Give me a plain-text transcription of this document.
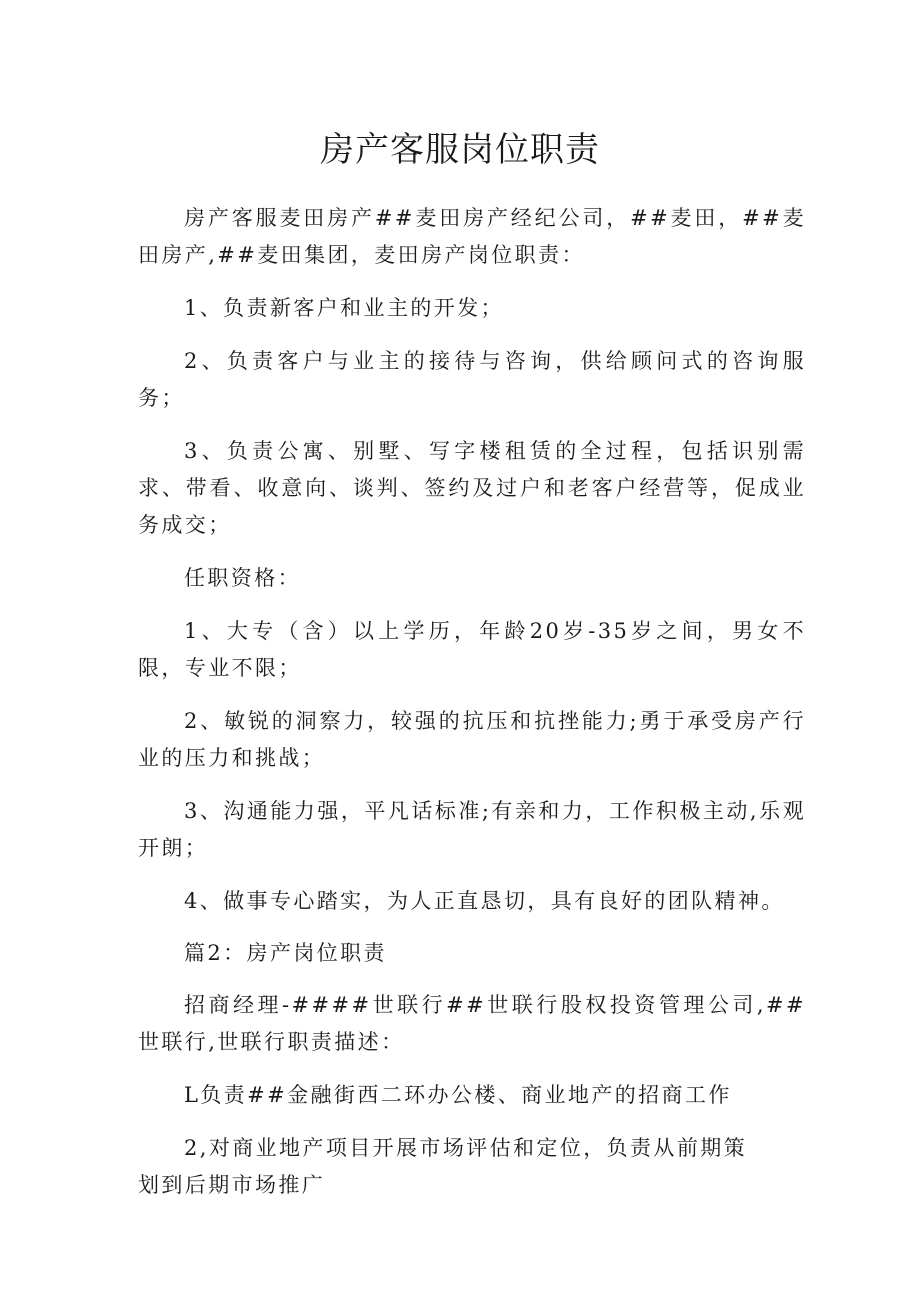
房产客服岗位职责

房产客服麦田房产##麦田房产经纪公司，##麦田，##麦田房产,##麦田集团，麦田房产岗位职责：

1、负责新客户和业主的开发；

2、负责客户与业主的接待与咨询，供给顾问式的咨询服务；

3、负责公寓、别墅、写字楼租赁的全过程，包括识别需求、带看、收意向、谈判、签约及过户和老客户经营等，促成业务成交；

任职资格：

1、大专（含）以上学历，年龄20岁-35岁之间，男女不限，专业不限；

2、敏锐的洞察力，较强的抗压和抗挫能力;勇于承受房产行业的压力和挑战；

3、沟通能力强，平凡话标准;有亲和力，工作积极主动,乐观开朗；

4、做事专心踏实，为人正直恳切，具有良好的团队精神。

篇2：房产岗位职责

招商经理-####世联行##世联行股权投资管理公司,##世联行,世联行职责描述：

L负责##金融街西二环办公楼、商业地产的招商工作

2,对商业地产项目开展市场评估和定位，负责从前期策

划到后期市场推广
